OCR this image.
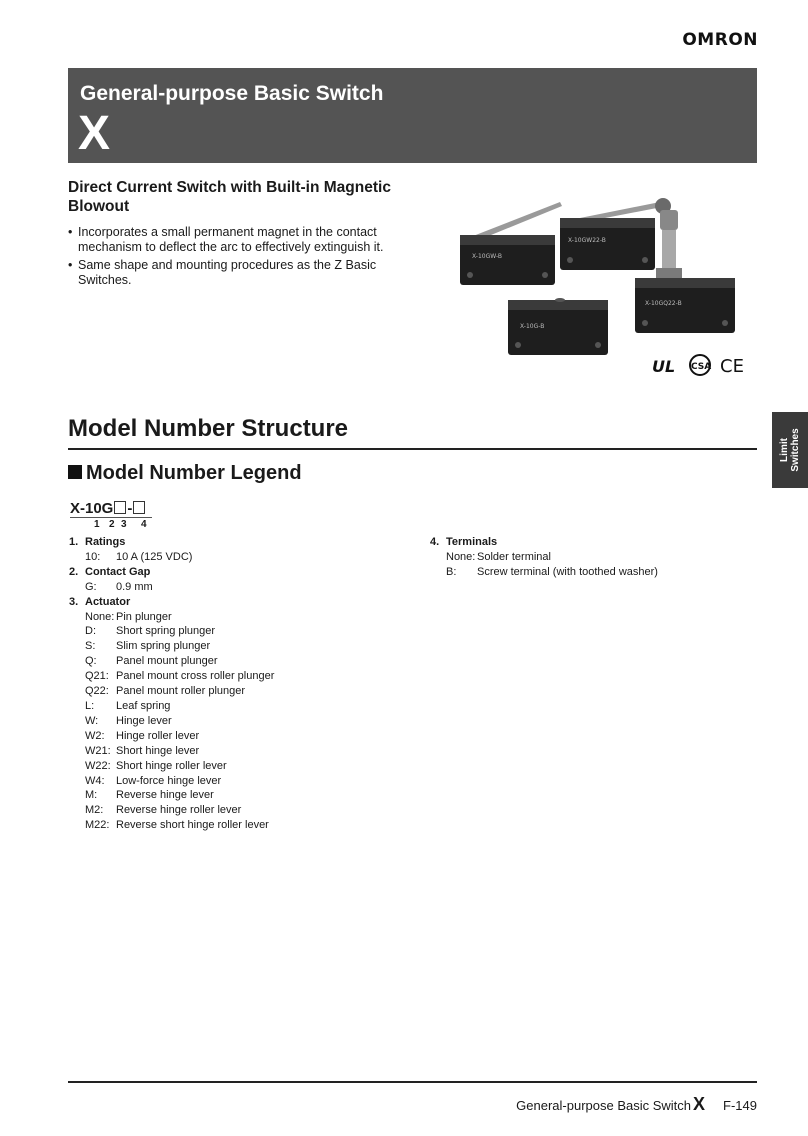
OMRON
General-purpose Basic Switch
X
Direct Current Switch with Built-in Magnetic Blowout
• Incorporates a small permanent magnet in the contact mechanism to deflect the arc to effectively extinguish it.
• Same shape and mounting procedures as the Z Basic Switches.
X-10GW-B
X-10GW22-B
X-10G-B
X-10GQ22-B
UL CSA CE
Limit Switches
Model Number Structure
Model Number Legend
X-10G -
1 2 3 4
1. Ratings
10:	10 A (125 VDC)
2. Contact Gap
G:	0.9 mm
3. Actuator
None: Pin plunger
D:	Short spring plunger
S:	Slim spring plunger
Q:	Panel mount plunger
Q21: Panel mount cross roller plunger
Q22: Panel mount roller plunger
L:	Leaf spring
W:	Hinge lever
W2:	Hinge roller lever
W21: Short hinge lever
W22: Short hinge roller lever
W4:	Low-force hinge lever
M:	Reverse hinge lever
M2:	Reverse hinge roller lever
M22: Reverse short hinge roller lever
4. Terminals
None: Solder terminal
B:	Screw terminal (with toothed washer)
General-purpose Basic Switch X F-149
